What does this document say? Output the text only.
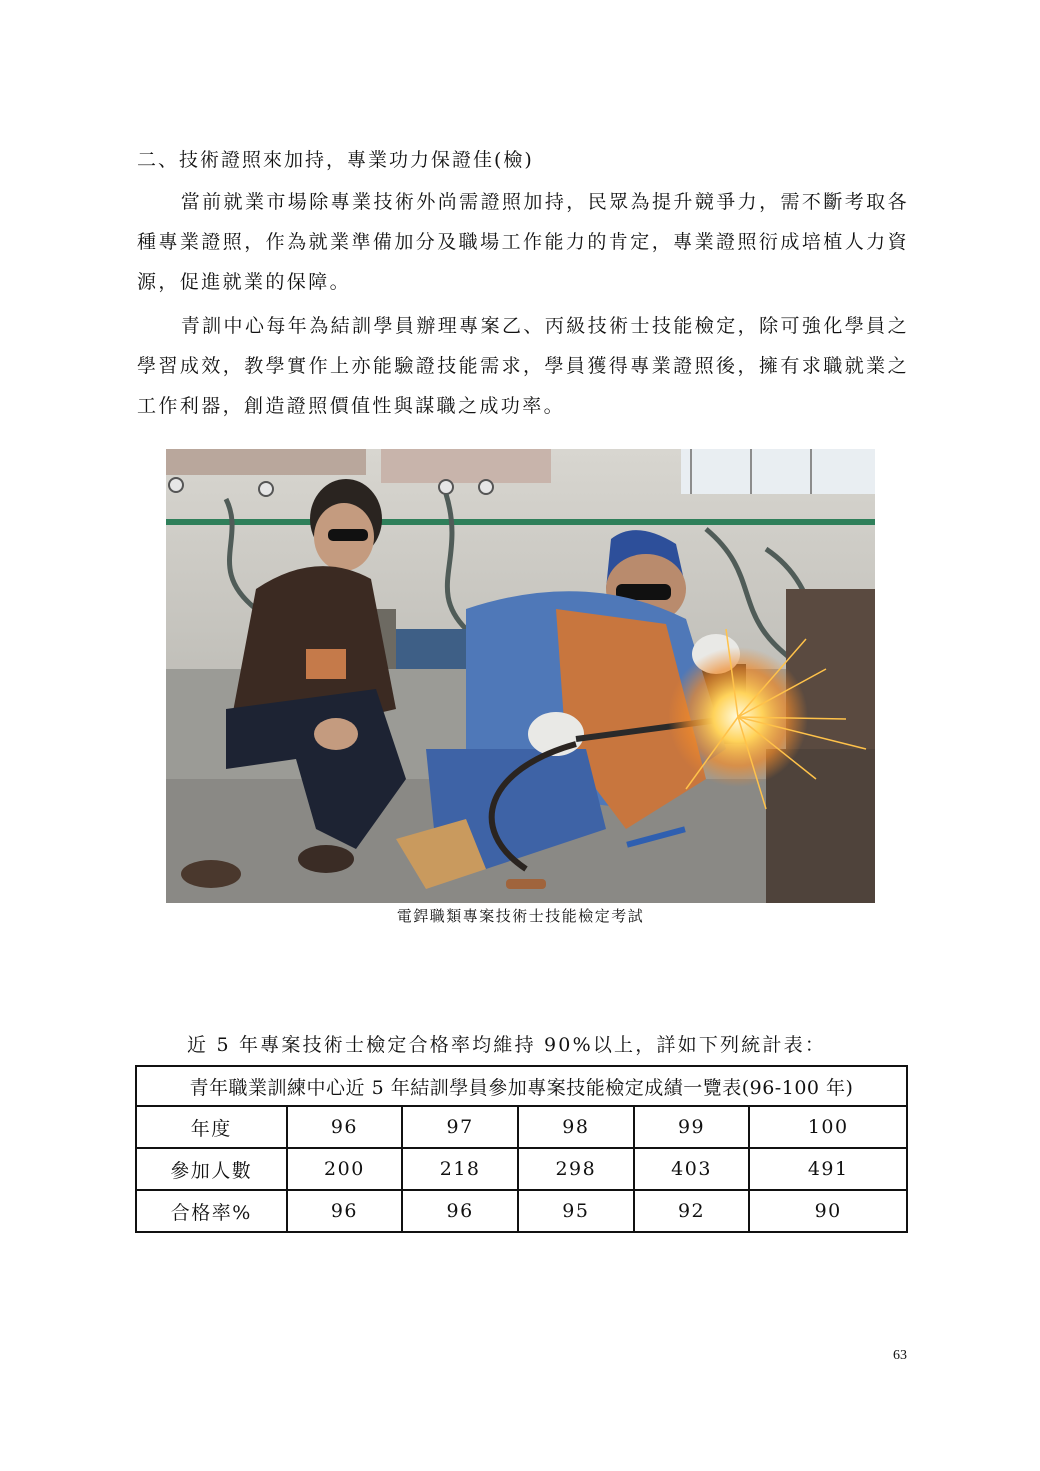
二、技術證照來加持，專業功力保證佳(檢)

當前就業市場除專業技術外尚需證照加持，民眾為提升競爭力，需不斷考取各種專業證照，作為就業準備加分及職場工作能力的肯定，專業證照衍成培植人力資源，促進就業的保障。

青訓中心每年為結訓學員辦理專案乙、丙級技術士技能檢定，除可強化學員之學習成效，教學實作上亦能驗證技能需求，學員獲得專業證照後，擁有求職就業之工作利器，創造證照價值性與謀職之成功率。

電銲職類專案技術士技能檢定考試
近 5 年專案技術士檢定合格率均維持 90%以上，詳如下列統計表：
青年職業訓練中心近 5 年結訓學員參加專案技能檢定成績一覽表(96-100 年)					
年度	96	97	98	99	100
參加人數	200	218	298	403	491
合格率%	96	96	95	92	90
63
